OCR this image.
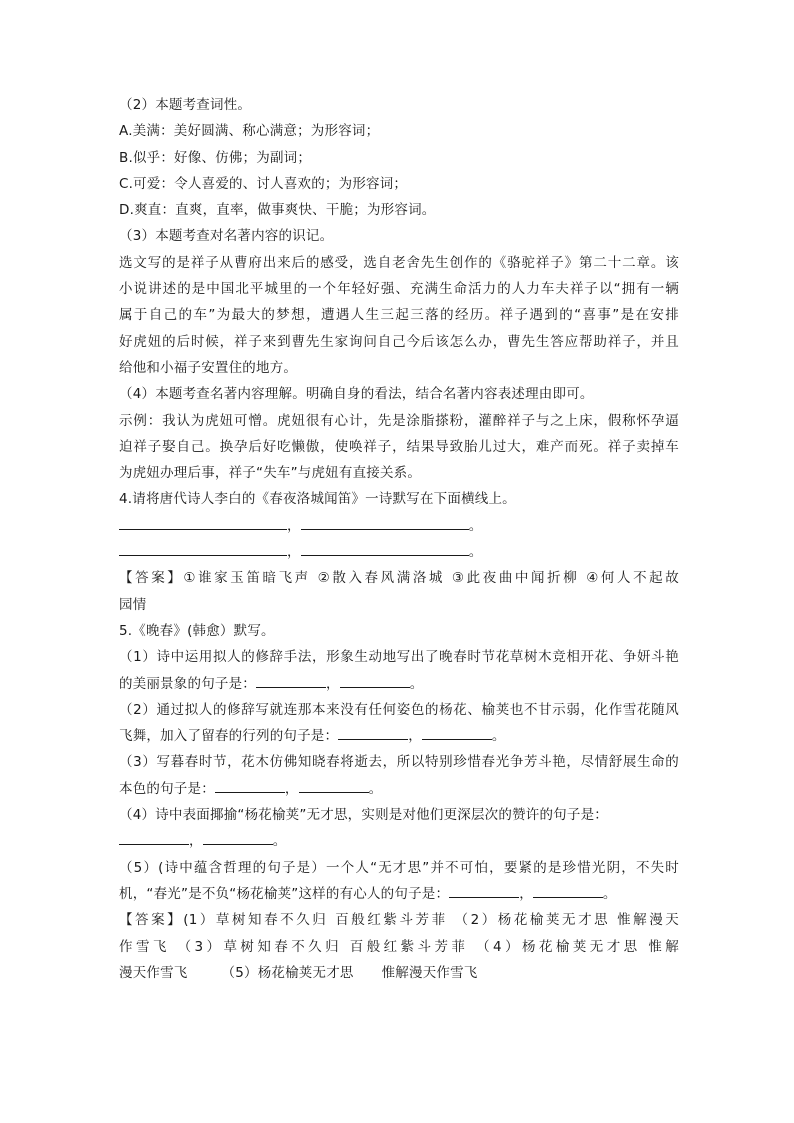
（2）本题考查词性。
A.美满：美好圆满、称心满意；为形容词；
B.似乎：好像、仿佛；为副词；
C.可爱：令人喜爱的、讨人喜欢的；为形容词；
D.爽直：直爽，直率，做事爽快、干脆；为形容词。
（3）本题考查对名著内容的识记。
选文写的是祥子从曹府出来后的感受，选自老舍先生创作的《骆驼祥子》第二十二章。该
小说讲述的是中国北平城里的一个年轻好强、充满生命活力的人力车夫祥子以“拥有一辆
属于自己的车”为最大的梦想，遭遇人生三起三落的经历。祥子遇到的“喜事”是在安排
好虎妞的后时候，祥子来到曹先生家询问自己今后该怎么办，曹先生答应帮助祥子，并且
给他和小福子安置住的地方。
（4）本题考查名著内容理解。明确自身的看法，结合名著内容表述理由即可。
示例：我认为虎妞可憎。虎妞很有心计，先是涂脂搽粉，灌醉祥子与之上床，假称怀孕逼
迫祥子娶自己。换孕后好吃懒傲，使唤祥子，结果导致胎儿过大，难产而死。祥子卖掉车
为虎妞办理后事，祥子“失车”与虎妞有直接关系。
4.请将唐代诗人李白的《春夜洛城闻笛》一诗默写在下面横线上。
，	。
，	。
【答案】①谁家玉笛暗飞声 ②散入春风满洛城 ③此夜曲中闻折柳 ④何人不起故
园情
5.《晚春》(韩愈）默写。
（1）诗中运用拟人的修辞手法，形象生动地写出了晚春时节花草树木竞相开花、争妍斗艳
的美丽景象的句子是：	，	。
（2）通过拟人的修辞写就连那本来没有任何姿色的杨花、榆荚也不甘示弱，化作雪花随风
飞舞，加入了留春的行列的句子是：	，	。
（3）写暮春时节，花木仿佛知晓春将逝去，所以特别珍惜春光争芳斗艳，尽情舒展生命的
本色的句子是：	，	。
（4）诗中表面揶揄“杨花榆荚”无才思，实则是对他们更深层次的赞许的句子是：
，	。
（5）(诗中蕴含哲理的句子是）一个人“无才思”并不可怕，要紧的是珍惜光阴，不失时
机，“春光”是不负“杨花榆荚”这样的有心人的句子是：	，	。
【答案】(1）草树知春不久归 百般红紫斗芳菲 （2）杨花榆荚无才思 惟解漫天
作雪飞 （3）草树知春不久归 百般红紫斗芳菲 （4）杨花榆荚无才思 惟解
漫天作雪飞	（5）杨花榆荚无才思 惟解漫天作雪飞
